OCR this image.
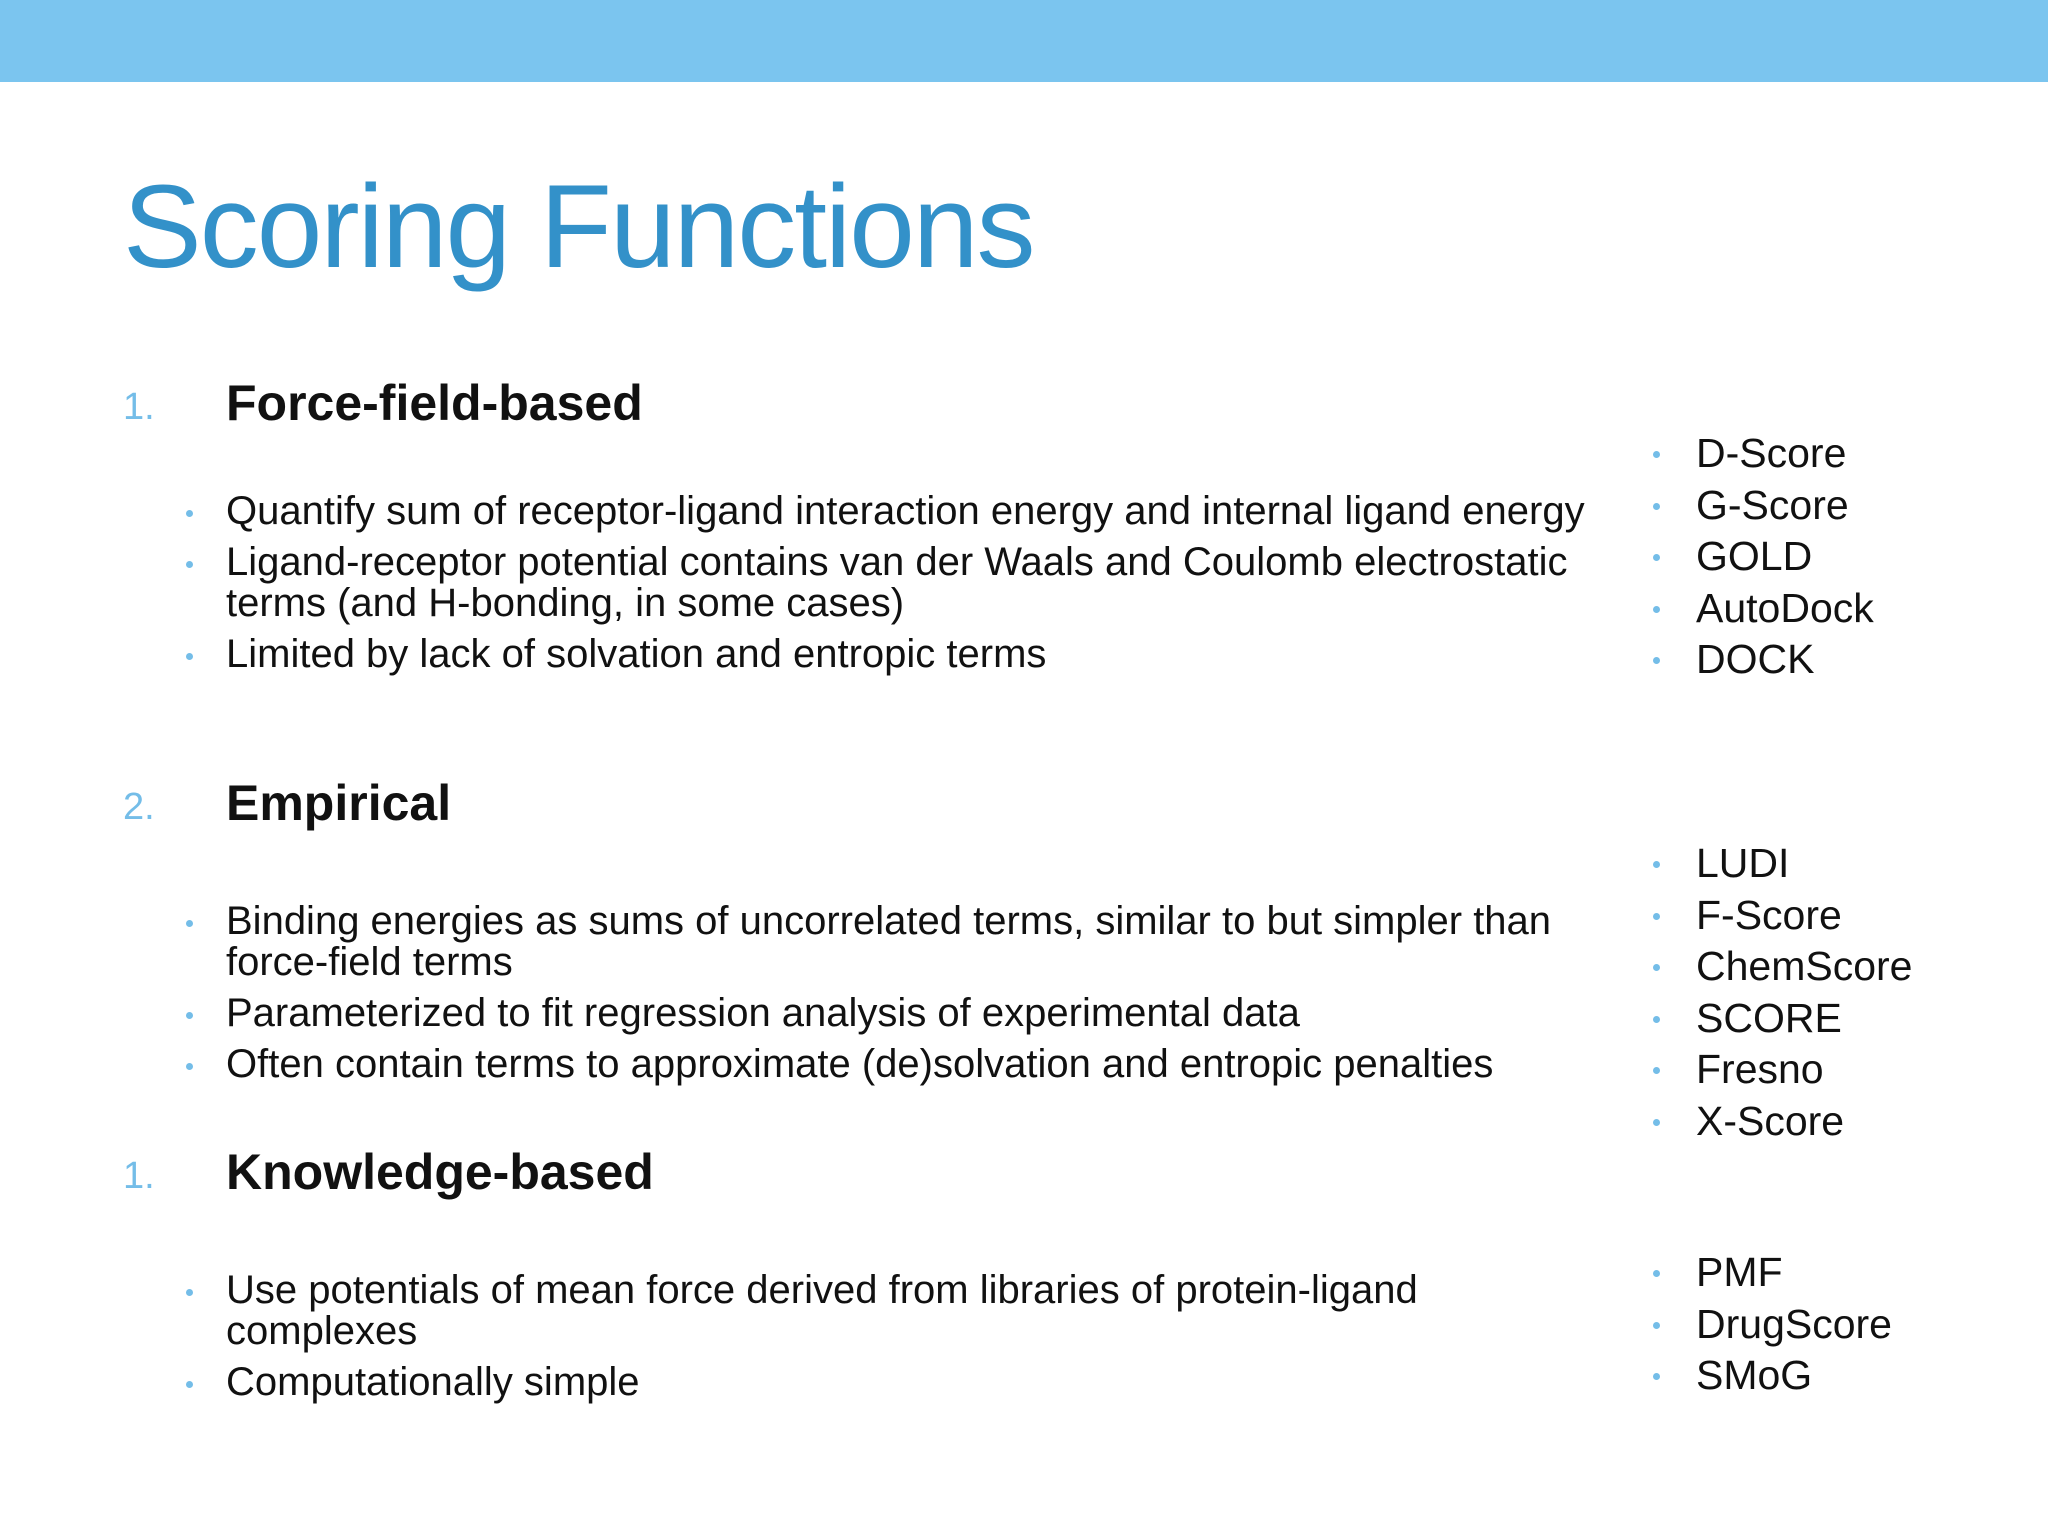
Scoring Functions
1. Force-field-based
Quantify sum of receptor-ligand interaction energy and internal ligand energy
Ligand-receptor potential contains van der Waals and Coulomb electrostatic terms (and H-bonding, in some cases)
Limited by lack of solvation and entropic terms
D-Score
G-Score
GOLD
AutoDock
DOCK
2. Empirical
Binding energies as sums of uncorrelated terms, similar to but simpler than force-field terms
Parameterized to fit regression analysis of experimental data
Often contain terms to approximate (de)solvation and entropic penalties
LUDI
F-Score
ChemScore
SCORE
Fresno
X-Score
1. Knowledge-based
Use potentials of mean force derived from libraries of protein-ligand complexes
Computationally simple
PMF
DrugScore
SMoG
